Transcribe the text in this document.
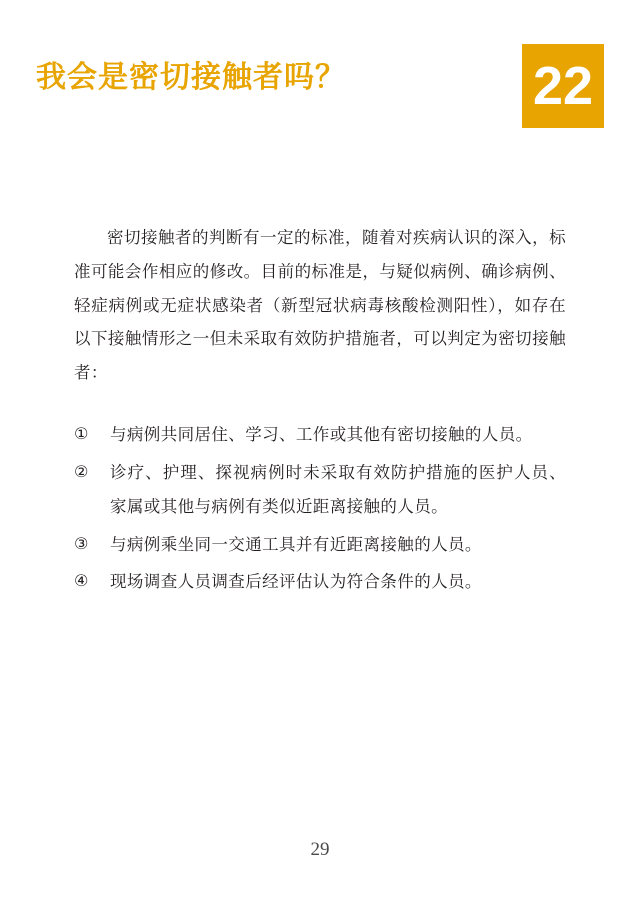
我会是密切接触者吗？	22

密切接触者的判断有一定的标准，随着对疾病认识的深入，标准可能会作相应的修改。目前的标准是，与疑似病例、确诊病例、轻症病例或无症状感染者（新型冠状病毒核酸检测阳性），如存在以下接触情形之一但未采取有效防护措施者，可以判定为密切接触者：

①	与病例共同居住、学习、工作或其他有密切接触的人员。
②	诊疗、护理、探视病例时未采取有效防护措施的医护人员、家属或其他与病例有类似近距离接触的人员。
③	与病例乘坐同一交通工具并有近距离接触的人员。
④	现场调查人员调查后经评估认为符合条件的人员。
29
